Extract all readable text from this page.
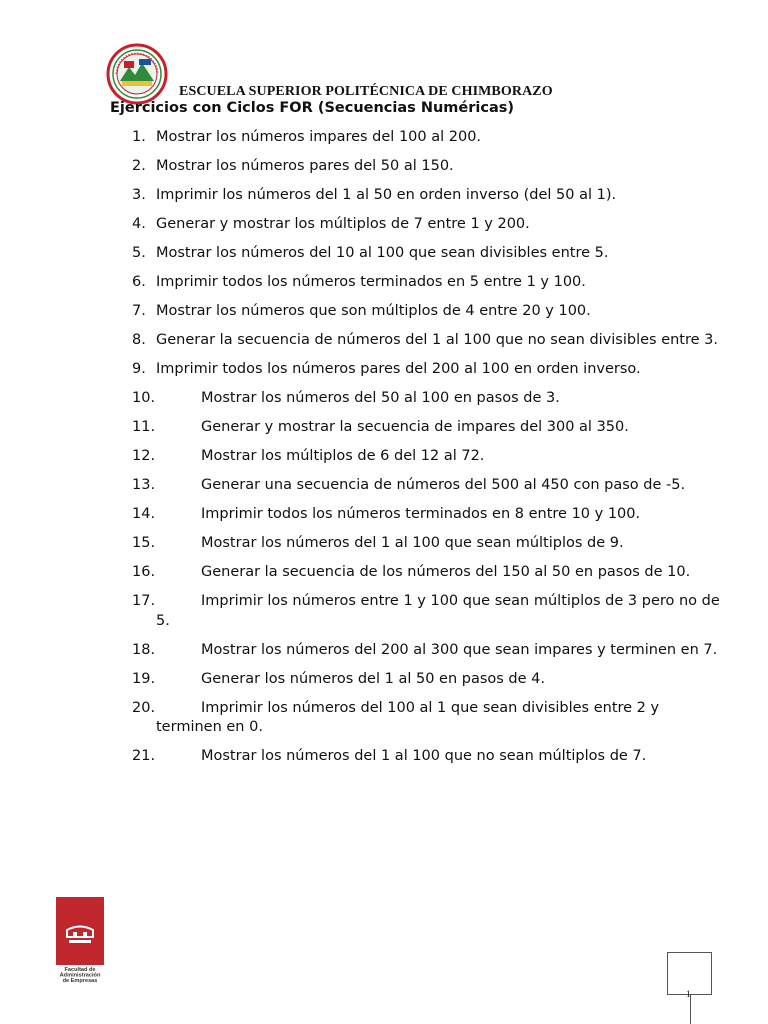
ESCUELA SUPERIOR POLITÉCNICA DE CHIMBORAZO
Ejercicios con Ciclos FOR (Secuencias Numéricas)
1. Mostrar los números impares del 100 al 200.
2. Mostrar los números pares del 50 al 150.
3. Imprimir los números del 1 al 50 en orden inverso (del 50 al 1).
4. Generar y mostrar los múltiplos de 7 entre 1 y 200.
5. Mostrar los números del 10 al 100 que sean divisibles entre 5.
6. Imprimir todos los números terminados en 5 entre 1 y 100.
7. Mostrar los números que son múltiplos de 4 entre 20 y 100.
8. Generar la secuencia de números del 1 al 100 que no sean divisibles entre 3.
9. Imprimir todos los números pares del 200 al 100 en orden inverso.
10.	Mostrar los números del 50 al 100 en pasos de 3.
11.	Generar y mostrar la secuencia de impares del 300 al 350.
12.	Mostrar los múltiplos de 6 del 12 al 72.
13.	Generar una secuencia de números del 500 al 450 con paso de -5.
14.	Imprimir todos los números terminados en 8 entre 10 y 100.
15.	Mostrar los números del 1 al 100 que sean múltiplos de 9.
16.	Generar la secuencia de los números del 150 al 50 en pasos de 10.
17.	Imprimir los números entre 1 y 100 que sean múltiplos de 3 pero no de 5.
18.	Mostrar los números del 200 al 300 que sean impares y terminen en 7.
19.	Generar los números del 1 al 50 en pasos de 4.
20.	Imprimir los números del 100 al 1 que sean divisibles entre 2 y terminen en 0.
21.	Mostrar los números del 1 al 100 que no sean múltiplos de 7.
Facultad de
Administración
de Empresas
1
